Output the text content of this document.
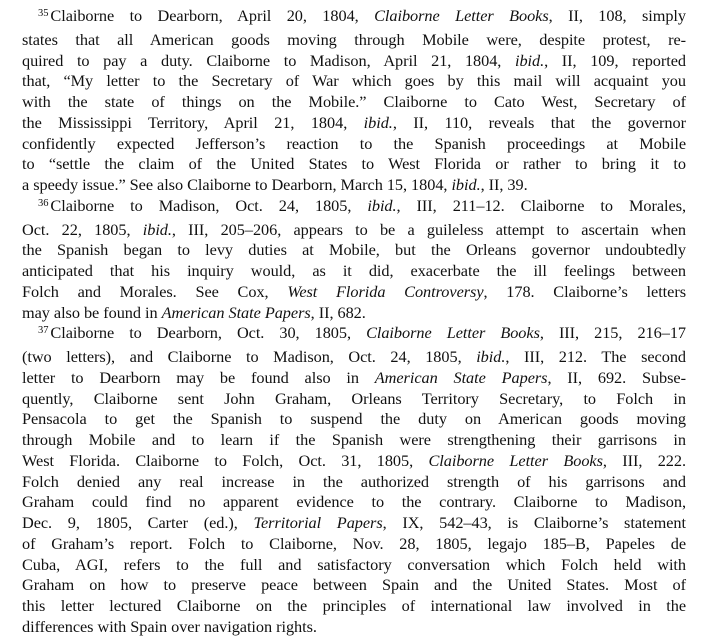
$^{35}$ Claiborne to Dearborn, April 20, 1804, Claiborne Letter Books, II, 108, simply
states that all American goods moving through Mobile were, despite protest, re-
quired to pay a duty. Claiborne to Madison, April 21, 1804, ibid., II, 109, reported
that, “My letter to the Secretary of War which goes by this mail will acquaint you
with the state of things on the Mobile.” Claiborne to Cato West, Secretary of
the Mississippi Territory, April 21, 1804, ibid., II, 110, reveals that the governor
confidently expected Jefferson’s reaction to the Spanish proceedings at Mobile
to “settle the claim of the United States to West Florida or rather to bring it to
a speedy issue.” See also Claiborne to Dearborn, March 15, 1804, ibid., II, 39.
$^{36}$ Claiborne to Madison, Oct. 24, 1805, ibid., III, 211–12. Claiborne to Morales,
Oct. 22, 1805, ibid., III, 205–206, appears to be a guileless attempt to ascertain when
the Spanish began to levy duties at Mobile, but the Orleans governor undoubtedly
anticipated that his inquiry would, as it did, exacerbate the ill feelings between
Folch and Morales. See Cox, West Florida Controversy, 178. Claiborne’s letters
may also be found in American State Papers, II, 682.
$^{37}$ Claiborne to Dearborn, Oct. 30, 1805, Claiborne Letter Books, III, 215, 216–17
(two letters), and Claiborne to Madison, Oct. 24, 1805, ibid., III, 212. The second
letter to Dearborn may be found also in American State Papers, II, 692. Subse-
quently, Claiborne sent John Graham, Orleans Territory Secretary, to Folch in
Pensacola to get the Spanish to suspend the duty on American goods moving
through Mobile and to learn if the Spanish were strengthening their garrisons in
West Florida. Claiborne to Folch, Oct. 31, 1805, Claiborne Letter Books, III, 222.
Folch denied any real increase in the authorized strength of his garrisons and
Graham could find no apparent evidence to the contrary. Claiborne to Madison,
Dec. 9, 1805, Carter (ed.), Territorial Papers, IX, 542–43, is Claiborne’s statement
of Graham’s report. Folch to Claiborne, Nov. 28, 1805, legajo 185–B, Papeles de
Cuba, AGI, refers to the full and satisfactory conversation which Folch held with
Graham on how to preserve peace between Spain and the United States. Most of
this letter lectured Claiborne on the principles of international law involved in the
differences with Spain over navigation rights.
